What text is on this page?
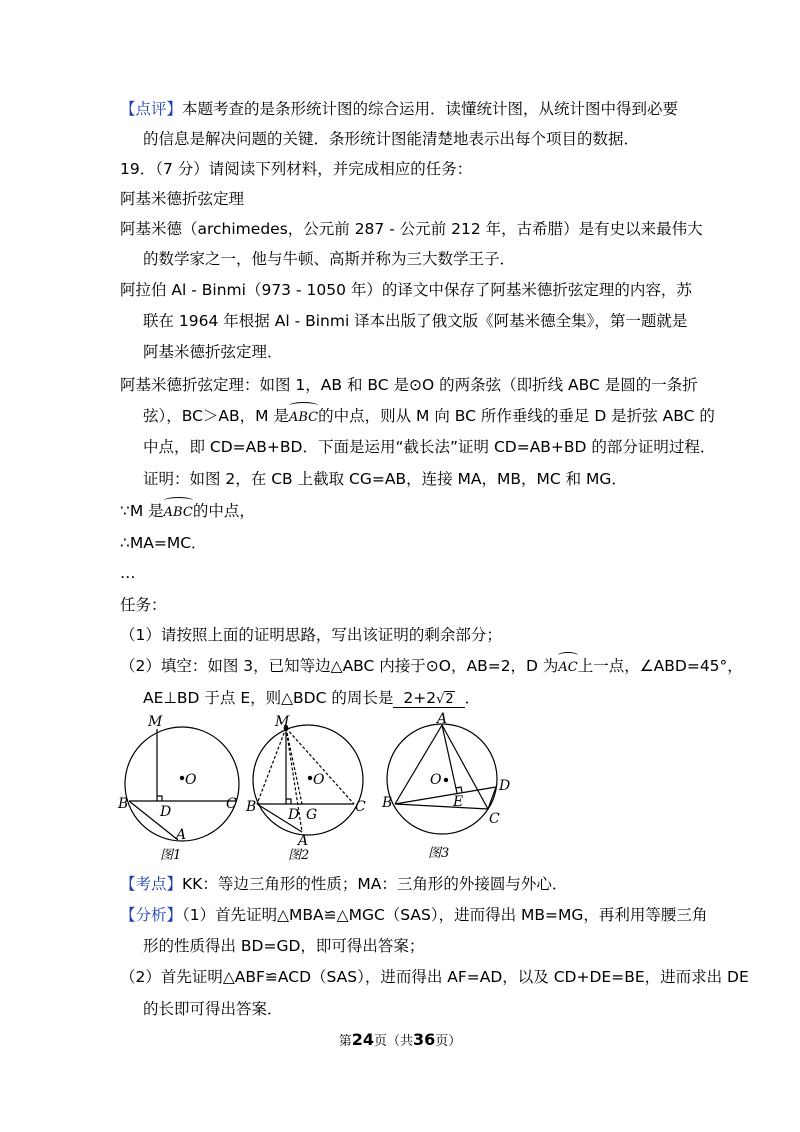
【点评】本题考查的是条形统计图的综合运用．读懂统计图，从统计图中得到必要
的信息是解决问题的关键．条形统计图能清楚地表示出每个项目的数据．
19．（7 分）请阅读下列材料，并完成相应的任务：
阿基米德折弦定理
阿基米德（archimedes，公元前 287 - 公元前 212 年，古希腊）是有史以来最伟大
的数学家之一，他与牛顿、高斯并称为三大数学王子．
阿拉伯 Al - Binmi（973 - 1050 年）的译文中保存了阿基米德折弦定理的内容，苏
联在 1964 年根据 Al - Binmi 译本出版了俄文版《阿基米德全集》，第一题就是
阿基米德折弦定理．
阿基米德折弦定理：如图 1，AB 和 BC 是⊙O 的两条弦（即折线 ABC 是圆的一条折
弦），BC＞AB，M 是ABC的中点，则从 M 向 BC 所作垂线的垂足 D 是折弦 ABC 的
中点，即 CD=AB+BD．下面是运用“截长法”证明 CD=AB+BD 的部分证明过程．
证明：如图 2，在 CB 上截取 CG=AB，连接 MA，MB，MC 和 MG．
∵M 是ABC的中点，
∴MA=MC．
…
任务：
（1）请按照上面的证明思路，写出该证明的剩余部分；
（2）填空：如图 3，已知等边△ABC 内接于⊙O，AB=2，D 为AC上一点，∠ABD=45°，
AE⊥BD 于点 E，则△BDC 的周长是 2+2√2 ．
M
O
B D	C
A
图1
M
O
B D G	C
A
图2
A
O	D
B	E
C
图3
【考点】KK：等边三角形的性质；MA：三角形的外接圆与外心．
【分析】（1）首先证明△MBA≌△MGC（SAS），进而得出 MB=MG，再利用等腰三角
形的性质得出 BD=GD，即可得出答案；
（2）首先证明△ABF≌ACD（SAS），进而得出 AF=AD，以及 CD+DE=BE，进而求出 DE
的长即可得出答案．
第24页（共36页）
